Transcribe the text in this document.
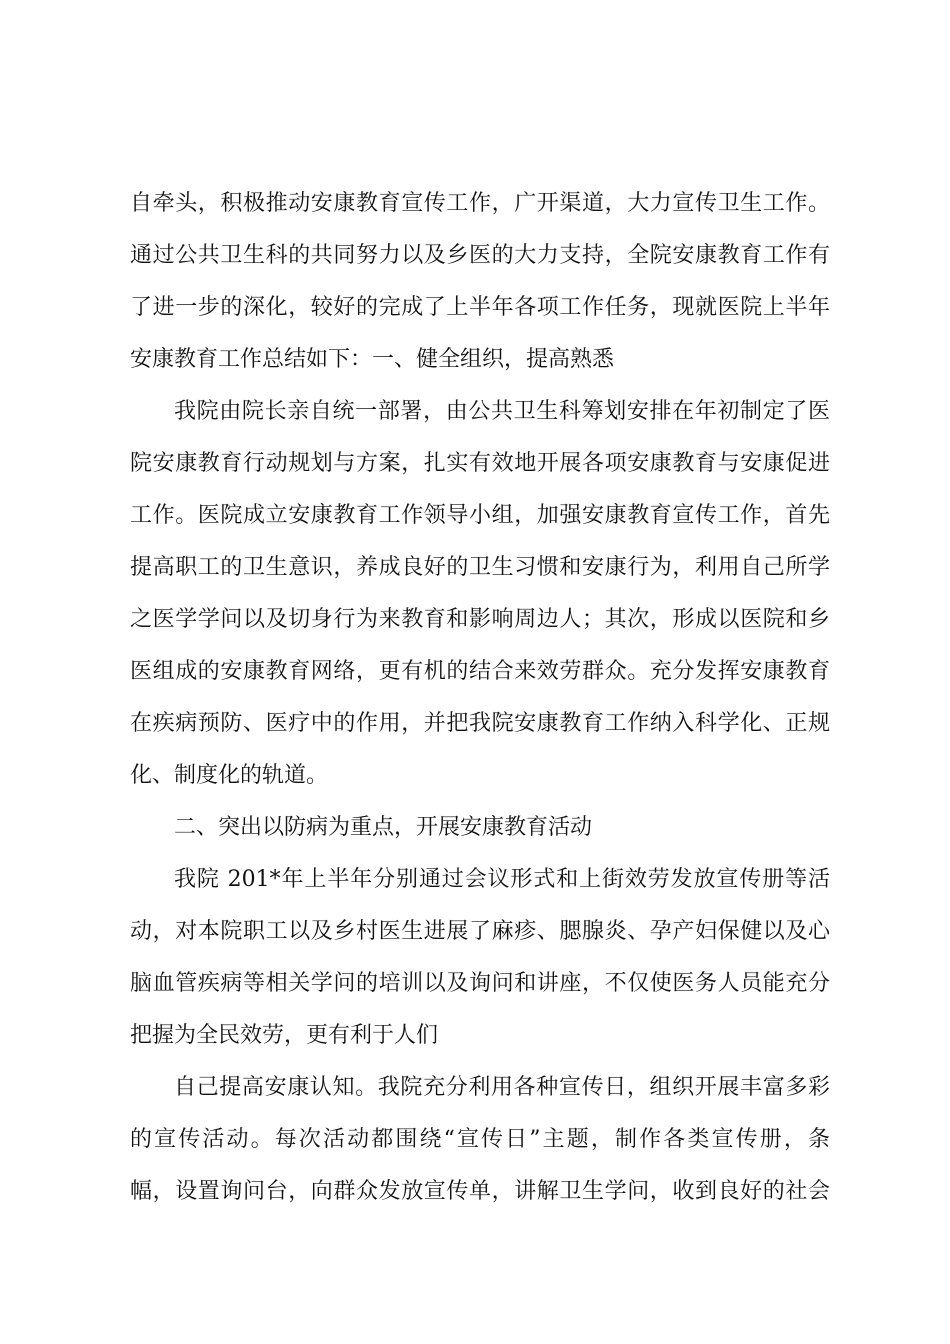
自牵头，积极推动安康教育宣传工作，广开渠道，大力宣传卫生工作。
通过公共卫生科的共同努力以及乡医的大力支持，全院安康教育工作有
了进一步的深化，较好的完成了上半年各项工作任务，现就医院上半年
安康教育工作总结如下：一、健全组织，提高熟悉
我院由院长亲自统一部署，由公共卫生科筹划安排在年初制定了医
院安康教育行动规划与方案，扎实有效地开展各项安康教育与安康促进
工作。医院成立安康教育工作领导小组，加强安康教育宣传工作，首先
提高职工的卫生意识，养成良好的卫生习惯和安康行为，利用自己所学
之医学学问以及切身行为来教育和影响周边人；其次，形成以医院和乡
医组成的安康教育网络，更有机的结合来效劳群众。充分发挥安康教育
在疾病预防、医疗中的作用，并把我院安康教育工作纳入科学化、正规
化、制度化的轨道。
二、突出以防病为重点，开展安康教育活动
我院 201*年上半年分别通过会议形式和上街效劳发放宣传册等活
动，对本院职工以及乡村医生进展了麻疹、腮腺炎、孕产妇保健以及心
脑血管疾病等相关学问的培训以及询问和讲座，不仅使医务人员能充分
把握为全民效劳，更有利于人们
自己提高安康认知。我院充分利用各种宣传日，组织开展丰富多彩
的宣传活动。每次活动都围绕“宣传日”主题，制作各类宣传册，条
幅，设置询问台，向群众发放宣传单，讲解卫生学问，收到良好的社会
